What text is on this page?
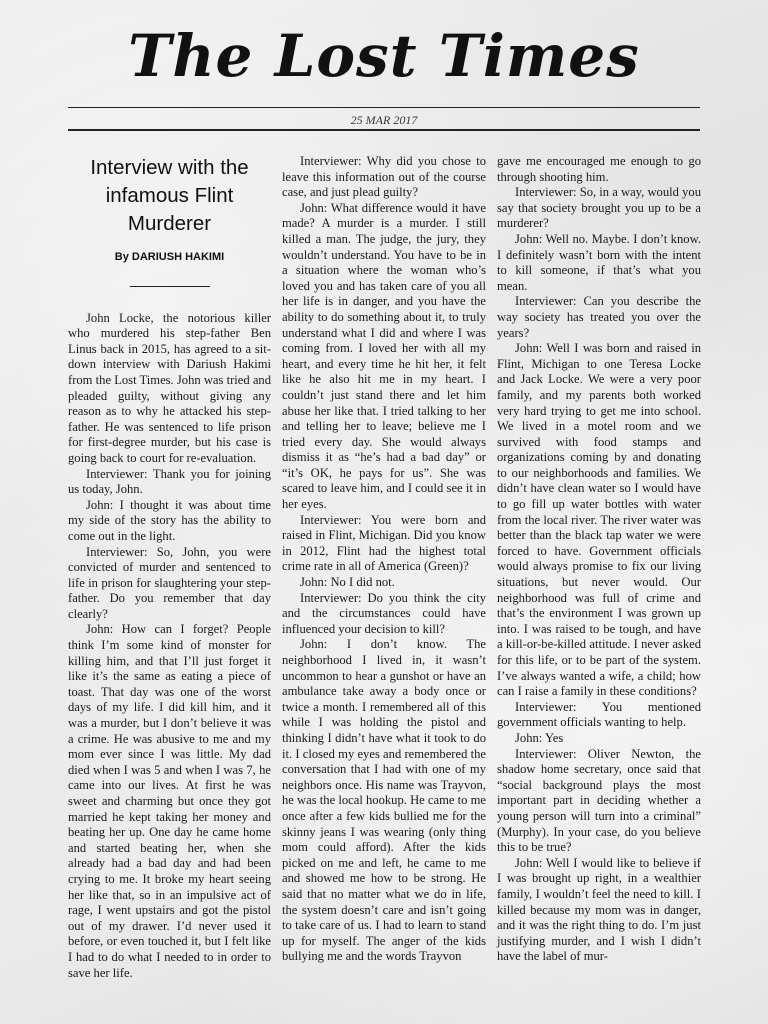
The Lost Times
25 MAR 2017
Interview with the infamous Flint Murderer
By DARIUSH HAKIMI

John Locke, the notorious killer who murdered his step-father Ben Linus back in 2015, has agreed to a sit-down interview with Dariush Hakimi from the Lost Times. John was tried and pleaded guilty, without giving any reason as to why he attacked his step-father. He was sentenced to life prison for first-degree murder, but his case is going back to court for re-evaluation.

Interviewer: Thank you for joining us today, John.

John: I thought it was about time my side of the story has the ability to come out in the light.

Interviewer: So, John, you were convicted of murder and sentenced to life in prison for slaughtering your step-father. Do you remember that day clearly?

John: How can I forget? People think I’m some kind of monster for killing him, and that I’ll just forget it like it’s the same as eating a piece of toast. That day was one of the worst days of my life. I did kill him, and it was a murder, but I don’t believe it was a crime. He was abusive to me and my mom ever since I was little. My dad died when I was 5 and when I was 7, he came into our lives. At first he was sweet and charming but once they got married he kept taking her money and beating her up. One day he came home and started beating her, when she already had a bad day and had been crying to me. It broke my heart seeing her like that, so in an impulsive act of rage, I went upstairs and got the pistol out of my drawer. I’d never used it before, or even touched it, but I felt like I had to do what I needed to in order to save her life.

Interviewer: Why did you chose to leave this information out of the course case, and just plead guilty?

John: What difference would it have made? A murder is a murder. I still killed a man. The judge, the jury, they wouldn’t understand. You have to be in a situation where the woman who’s loved you and has taken care of you all her life is in danger, and you have the ability to do something about it, to truly understand what I did and where I was coming from. I loved her with all my heart, and every time he hit her, it felt like he also hit me in my heart. I couldn’t just stand there and let him abuse her like that. I tried talking to her and telling her to leave; believe me I tried every day. She would always dismiss it as “he’s had a bad day” or “it’s OK, he pays for us”. She was scared to leave him, and I could see it in her eyes.

Interviewer: You were born and raised in Flint, Michigan. Did you know in 2012, Flint had the highest total crime rate in all of America (Green)?

John: No I did not.

Interviewer: Do you think the city and the circumstances could have influenced your decision to kill?

John: I don’t know. The neighborhood I lived in, it wasn’t uncommon to hear a gunshot or have an ambulance take away a body once or twice a month. I remembered all of this while I was holding the pistol and thinking I didn’t have what it took to do it. I closed my eyes and remembered the conversation that I had with one of my neighbors once. His name was Trayvon, he was the local hookup. He came to me once after a few kids bullied me for the skinny jeans I was wearing (only thing mom could afford). After the kids picked on me and left, he came to me and showed me how to be strong. He said that no matter what we do in life, the system doesn’t care and isn’t going to take care of us. I had to learn to stand up for myself. The anger of the kids bullying me and the words Trayvon

gave me encouraged me enough to go through shooting him.

Interviewer: So, in a way, would you say that society brought you up to be a murderer?

John: Well no. Maybe. I don’t know. I definitely wasn’t born with the intent to kill someone, if that’s what you mean.

Interviewer: Can you describe the way society has treated you over the years?

John: Well I was born and raised in Flint, Michigan to one Teresa Locke and Jack Locke. We were a very poor family, and my parents both worked very hard trying to get me into school. We lived in a motel room and we survived with food stamps and organizations coming by and donating to our neighborhoods and families. We didn’t have clean water so I would have to go fill up water bottles with water from the local river. The river water was better than the black tap water we were forced to have. Government officials would always promise to fix our living situations, but never would. Our neighborhood was full of crime and that’s the environment I was grown up into. I was raised to be tough, and have a kill-or-be-killed attitude. I never asked for this life, or to be part of the system. I’ve always wanted a wife, a child; how can I raise a family in these conditions?

Interviewer: You mentioned government officials wanting to help.

John: Yes

Interviewer: Oliver Newton, the shadow home secretary, once said that “social background plays the most important part in deciding whether a young person will turn into a criminal” (Murphy). In your case, do you believe this to be true?

John: Well I would like to believe if I was brought up right, in a wealthier family, I wouldn’t feel the need to kill. I killed because my mom was in danger, and it was the right thing to do. I’m just justifying murder, and I wish I didn’t have the label of mur-
